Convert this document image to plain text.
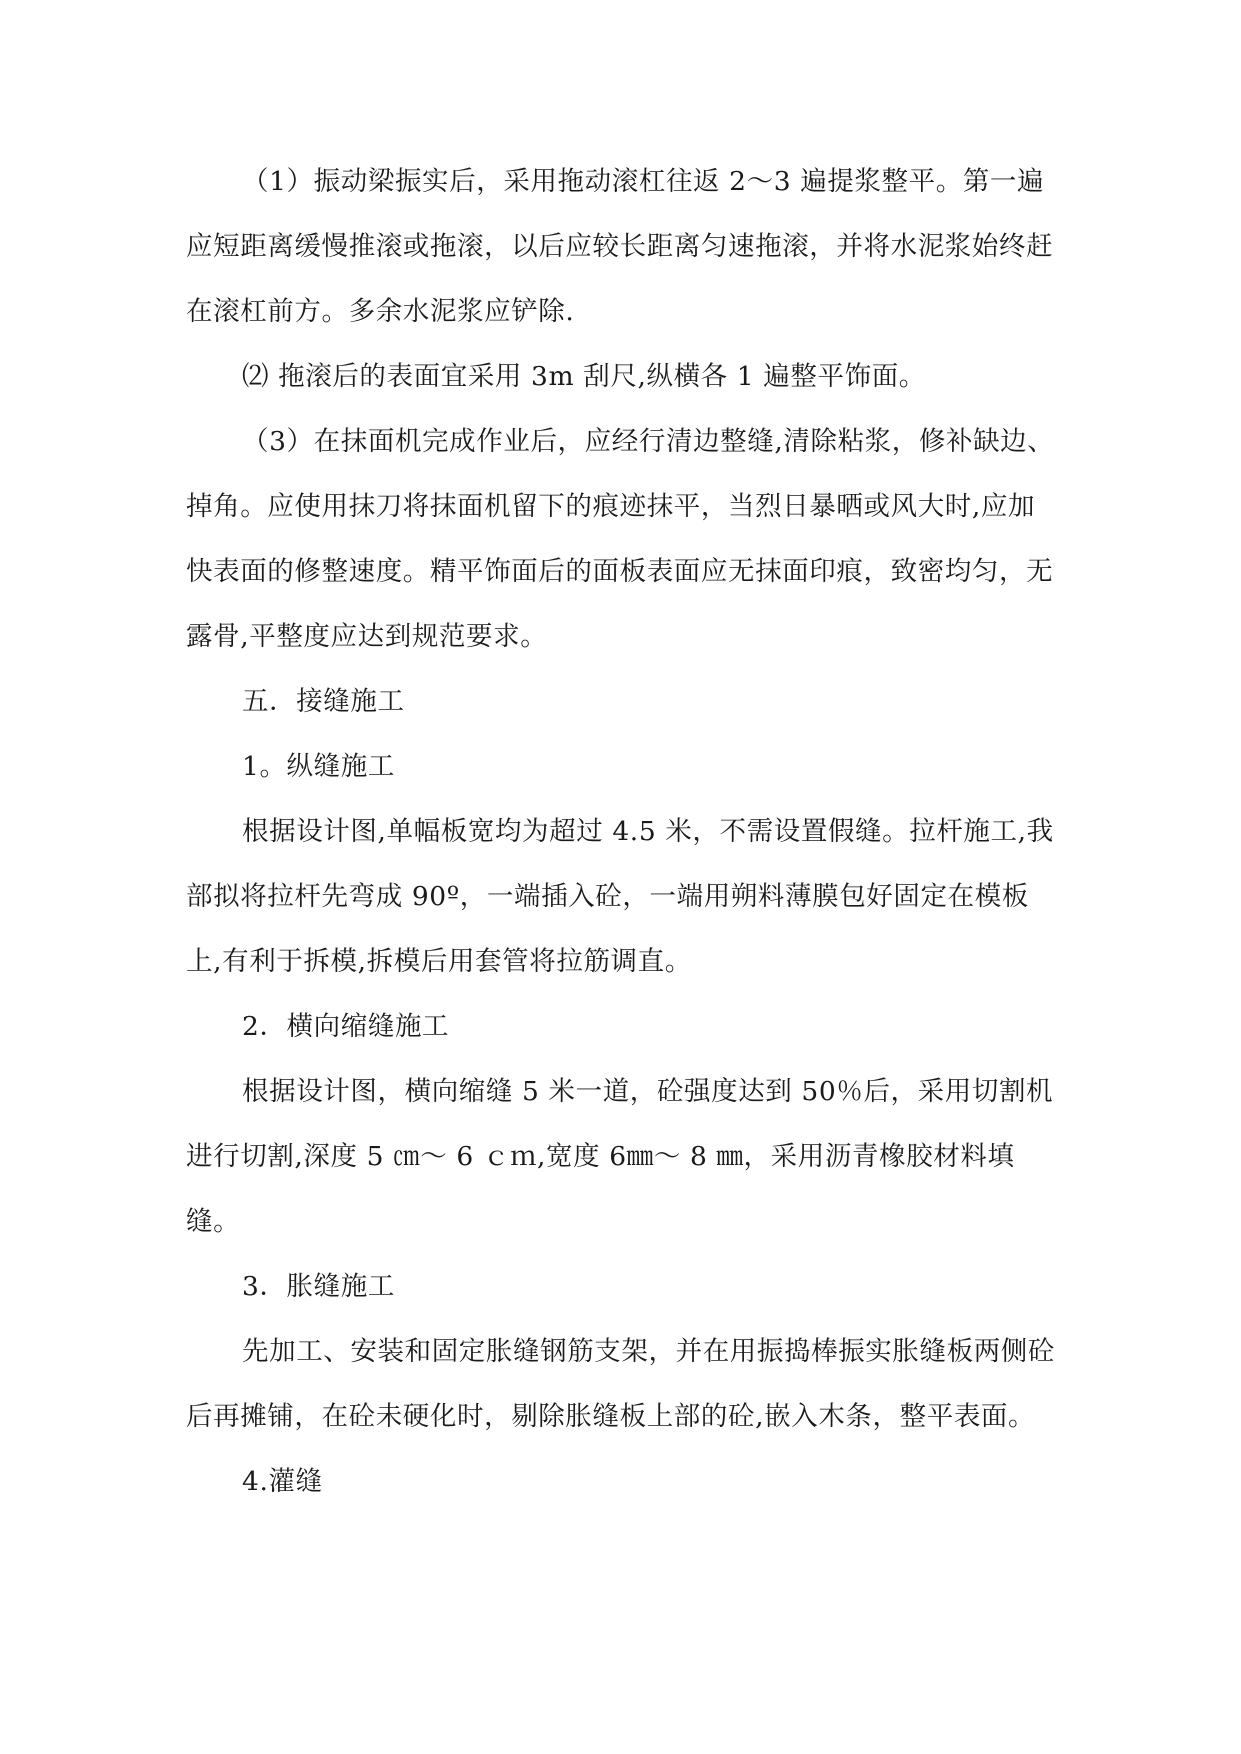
（1）振动梁振实后，采用拖动滚杠往返 2～3 遍提浆整平。第一遍应短距离缓慢推滚或拖滚，以后应较长距离匀速拖滚，并将水泥浆始终赶在滚杠前方。多余水泥浆应铲除.

⑵ 拖滚后的表面宜采用 3m 刮尺,纵横各 1 遍整平饰面。

（3）在抹面机完成作业后，应经行清边整缝,清除粘浆，修补缺边、掉角。应使用抹刀将抹面机留下的痕迹抹平，当烈日暴晒或风大时,应加快表面的修整速度。精平饰面后的面板表面应无抹面印痕，致密均匀，无露骨,平整度应达到规范要求。

五．接缝施工

1。纵缝施工

根据设计图,单幅板宽均为超过 4.5 米，不需设置假缝。拉杆施工,我部拟将拉杆先弯成 90º，一端插入砼，一端用朔料薄膜包好固定在模板上,有利于拆模,拆模后用套管将拉筋调直。

2．横向缩缝施工

根据设计图，横向缩缝 5 米一道，砼强度达到 50％后，采用切割机进行切割,深度 5 ㎝～ 6 ｃｍ,宽度 6㎜～ 8 ㎜，采用沥青橡胶材料填缝。

3．胀缝施工

先加工、安装和固定胀缝钢筋支架，并在用振捣棒振实胀缝板两侧砼后再摊铺，在砼未硬化时，剔除胀缝板上部的砼,嵌入木条，整平表面。

4.灌缝
